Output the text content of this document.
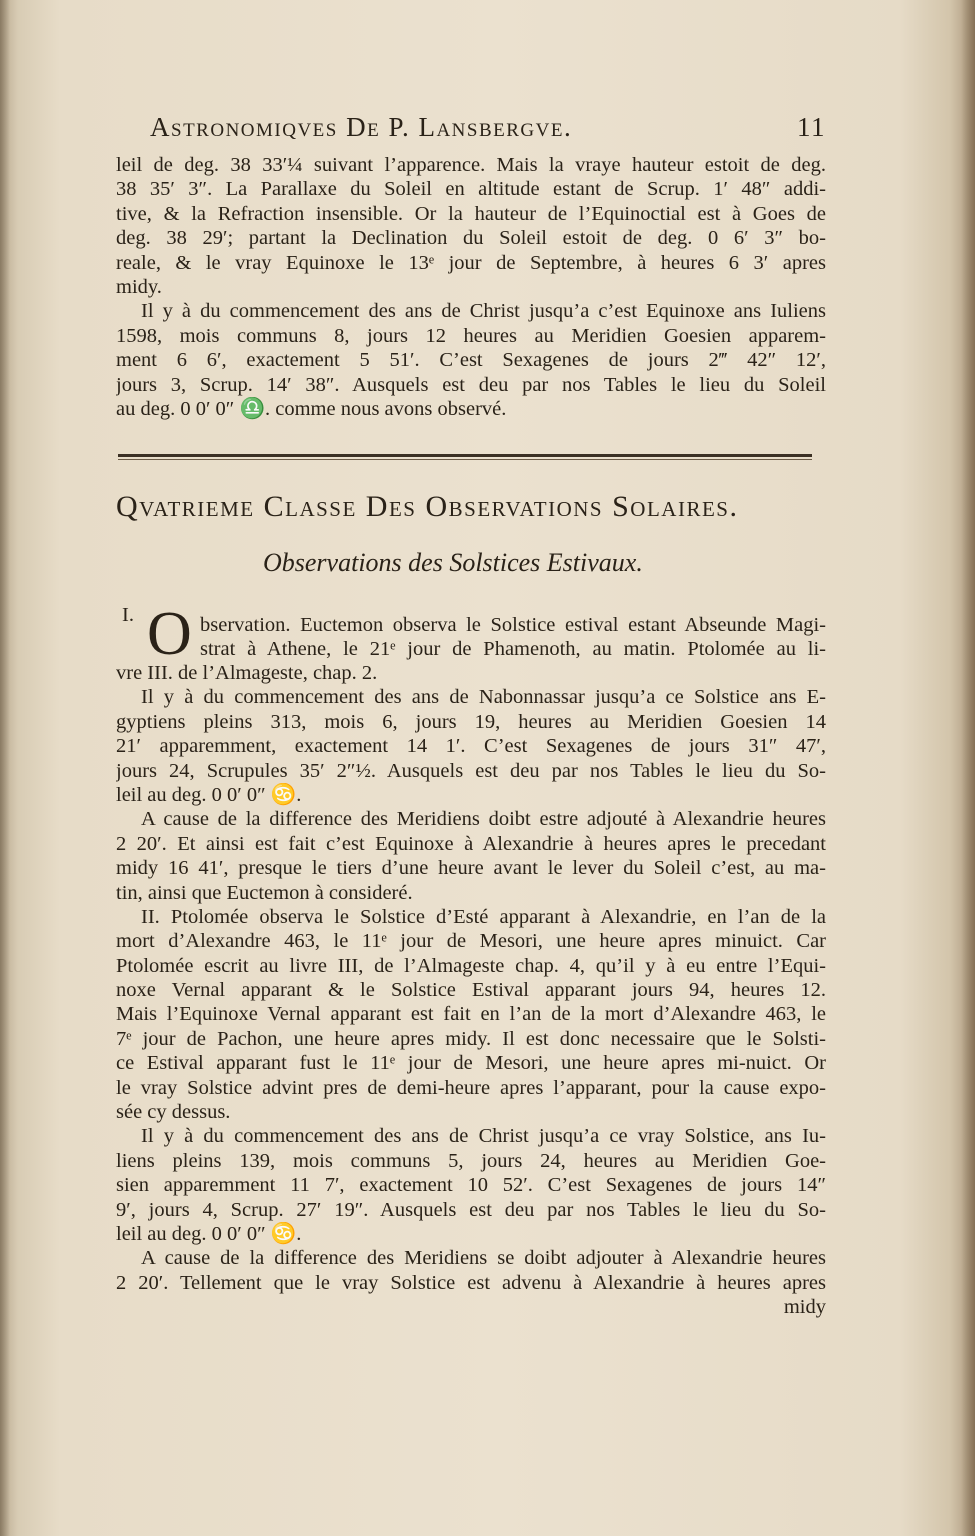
Astronomiqves De P. Lansbergve.	11
leil de deg. 38 33′¼ suivant l’apparence. Mais la vraye hauteur estoit de deg.
38 35′ 3″. La Parallaxe du Soleil en altitude estant de Scrup. 1′ 48″ addi-
tive, & la Refraction insensible. Or la hauteur de l’Equinoctial est à Goes de
deg. 38 29′; partant la Declination du Soleil estoit de deg. 0 6′ 3″ bo-
reale, & le vray Equinoxe le 13ᵉ jour de Septembre, à heures 6 3′ apres
midy.
Il y à du commencement des ans de Christ jusqu’a c’est Equinoxe ans Iuliens
1598, mois communs 8, jours 12 heures au Meridien Goesien apparem-
ment 6 6′, exactement 5 51′. C’est Sexagenes de jours 2‴ 42″ 12′,
jours 3, Scrup. 14′ 38″. Ausquels est deu par nos Tables le lieu du Soleil
au deg. 0 0′ 0″ ♎. comme nous avons observé.
Qvatrieme Classe Des Observations Solaires.
Observations des Solstices Estivaux.
I. O bservation. Euctemon observa le Solstice estival estant Abseunde Magi-
strat à Athene, le 21ᵉ jour de Phamenoth, au matin. Ptolomée au li-
vre III. de l’Almageste, chap. 2.
Il y à du commencement des ans de Nabonnassar jusqu’a ce Solstice ans E-
gyptiens pleins 313, mois 6, jours 19, heures au Meridien Goesien 14
21′ apparemment, exactement 14 1′. C’est Sexagenes de jours 31″ 47′,
jours 24, Scrupules 35′ 2″½. Ausquels est deu par nos Tables le lieu du So-
leil au deg. 0 0′ 0″ ♋.
A cause de la difference des Meridiens doibt estre adjouté à Alexandrie heures
2 20′. Et ainsi est fait c’est Equinoxe à Alexandrie à heures apres le precedant
midy 16 41′, presque le tiers d’une heure avant le lever du Soleil c’est, au ma-
tin, ainsi que Euctemon à consideré.
II. Ptolomée observa le Solstice d’Esté apparant à Alexandrie, en l’an de la
mort d’Alexandre 463, le 11ᵉ jour de Mesori, une heure apres minuict. Car
Ptolomée escrit au livre III, de l’Almageste chap. 4, qu’il y à eu entre l’Equi-
noxe Vernal apparant & le Solstice Estival apparant jours 94, heures 12.
Mais l’Equinoxe Vernal apparant est fait en l’an de la mort d’Alexandre 463, le
7ᵉ jour de Pachon, une heure apres midy. Il est donc necessaire que le Solsti-
ce Estival apparant fust le 11ᵉ jour de Mesori, une heure apres mi-nuict. Or
le vray Solstice advint pres de demi-heure apres l’apparant, pour la cause expo-
sée cy dessus.
Il y à du commencement des ans de Christ jusqu’a ce vray Solstice, ans Iu-
liens pleins 139, mois communs 5, jours 24, heures au Meridien Goe-
sien apparemment 11 7′, exactement 10 52′. C’est Sexagenes de jours 14″
9′, jours 4, Scrup. 27′ 19″. Ausquels est deu par nos Tables le lieu du So-
leil au deg. 0 0′ 0″ ♋.
A cause de la difference des Meridiens se doibt adjouter à Alexandrie heures
2 20′. Tellement que le vray Solstice est advenu à Alexandrie à heures apres
midy
